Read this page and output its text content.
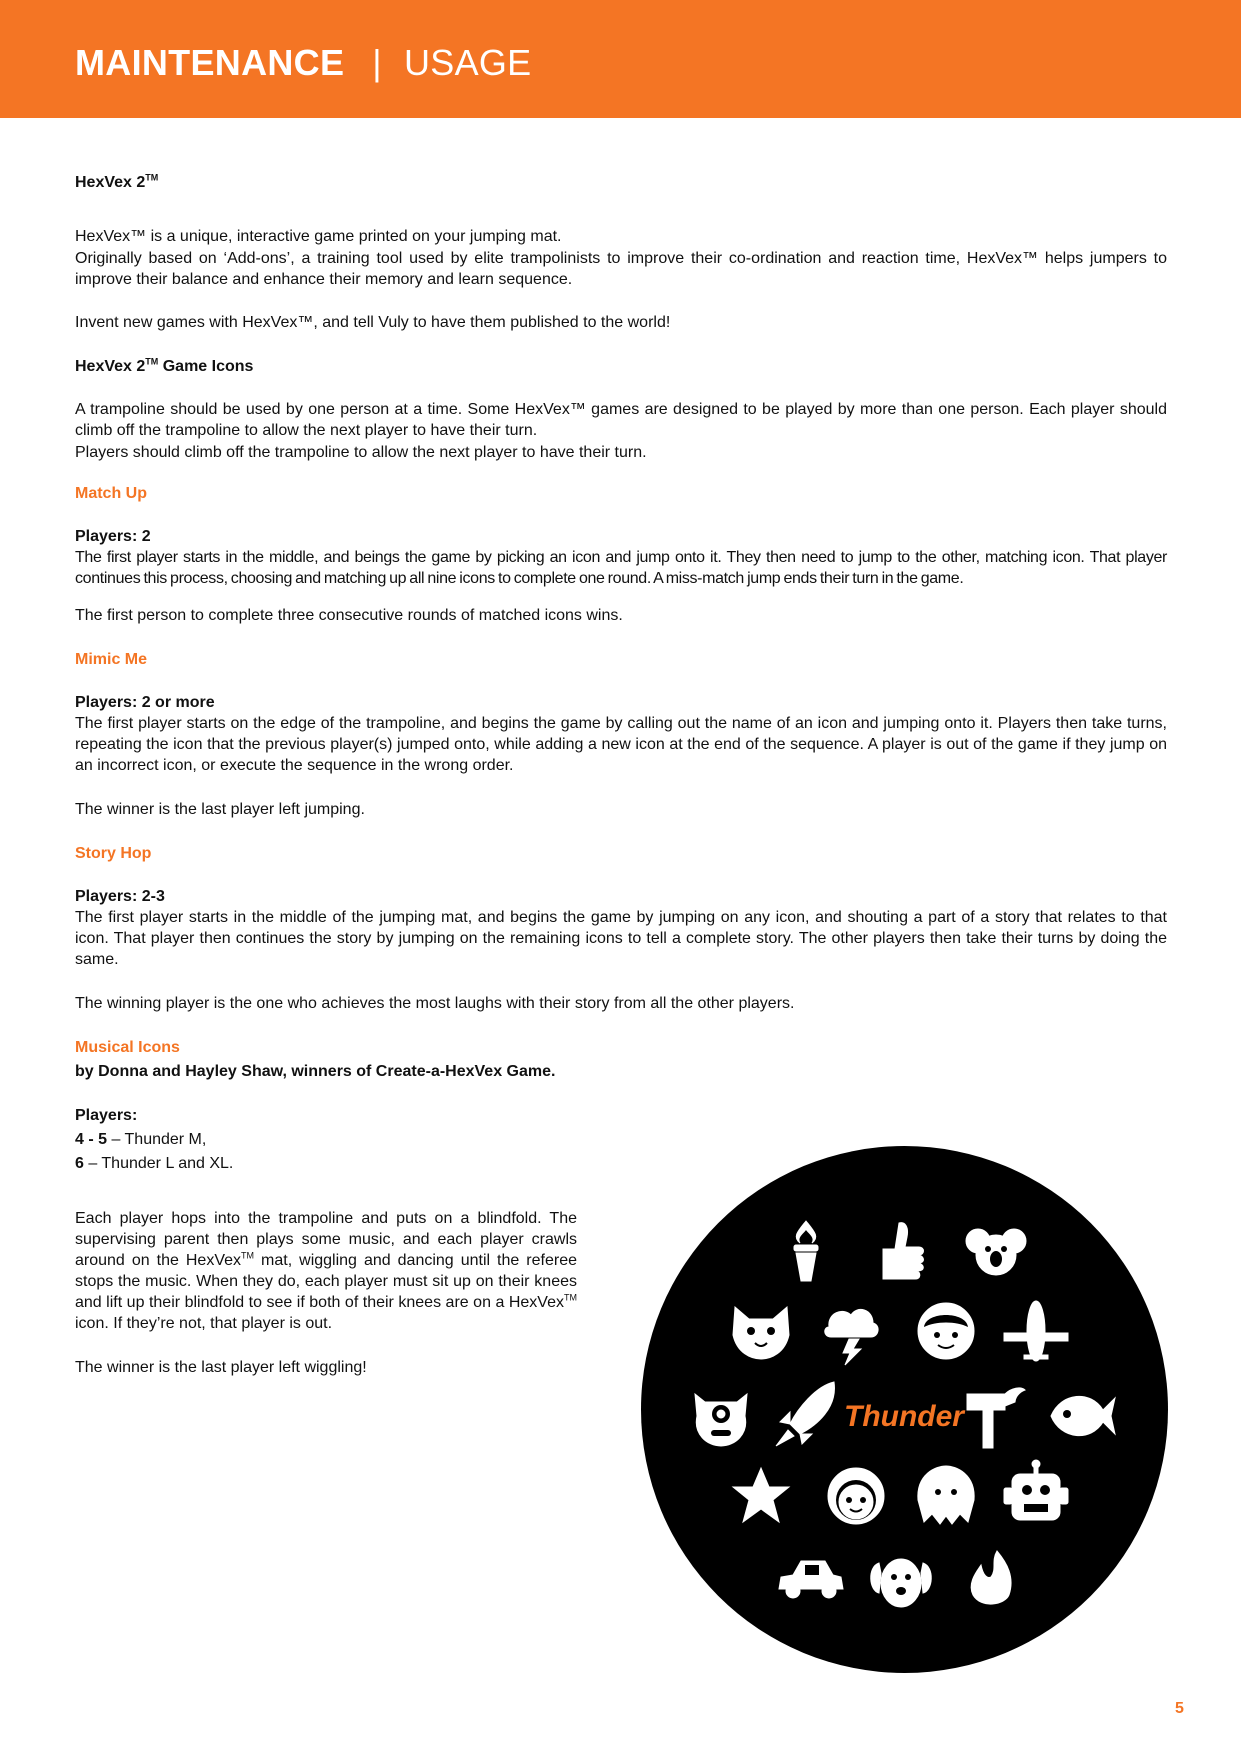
MAINTENANCE | USAGE

HexVex 2™

HexVex™ is a unique, interactive game printed on your jumping mat.

Originally based on ‘Add-ons’, a training tool used by elite trampolinists to improve their co-ordination and reaction time, HexVex™ helps jumpers to improve their balance and enhance their memory and learn sequence.

Invent new games with HexVex™, and tell Vuly to have them published to the world!

HexVex 2™ Game Icons

A trampoline should be used by one person at a time. Some HexVex™ games are designed to be played by more than one person. Each player should climb off the trampoline to allow the next player to have their turn.

Players should climb off the trampoline to allow the next player to have their turn.

Match Up

Players: 2

The first player starts in the middle, and beings the game by picking an icon and jump onto it. They then need to jump to the other, matching icon. That player continues this process, choosing and matching up all nine icons to complete one round. A miss-match jump ends their turn in the game.

The first person to complete three consecutive rounds of matched icons wins.

Mimic Me

Players: 2 or more

The first player starts on the edge of the trampoline, and begins the game by calling out the name of an icon and jumping onto it. Players then take turns, repeating the icon that the previous player(s) jumped onto, while adding a new icon at the end of the sequence. A player is out of the game if they jump on an incorrect icon, or execute the sequence in the wrong order.

The winner is the last player left jumping.

Story Hop

Players: 2-3

The first player starts in the middle of the jumping mat, and begins the game by jumping on any icon, and shouting a part of a story that relates to that icon. That player then continues the story by jumping on the remaining icons to tell a complete story. The other players then take their turns by doing the same.

The winning player is the one who achieves the most laughs with their story from all the other players.

Musical Icons

by Donna and Hayley Shaw, winners of Create-a-HexVex Game.

Players:

4 - 5 – Thunder M,

6 – Thunder L and XL.

Each player hops into the trampoline and puts on a blindfold. The supervising parent then plays some music, and each player crawls around on the HexVex™ mat, wiggling and dancing until the referee stops the music. When they do, each player must sit up on their knees and lift up their blindfold to see if both of their knees are on a HexVex™ icon. If they’re not, that player is out.

The winner is the last player left wiggling!

Thunder
5
